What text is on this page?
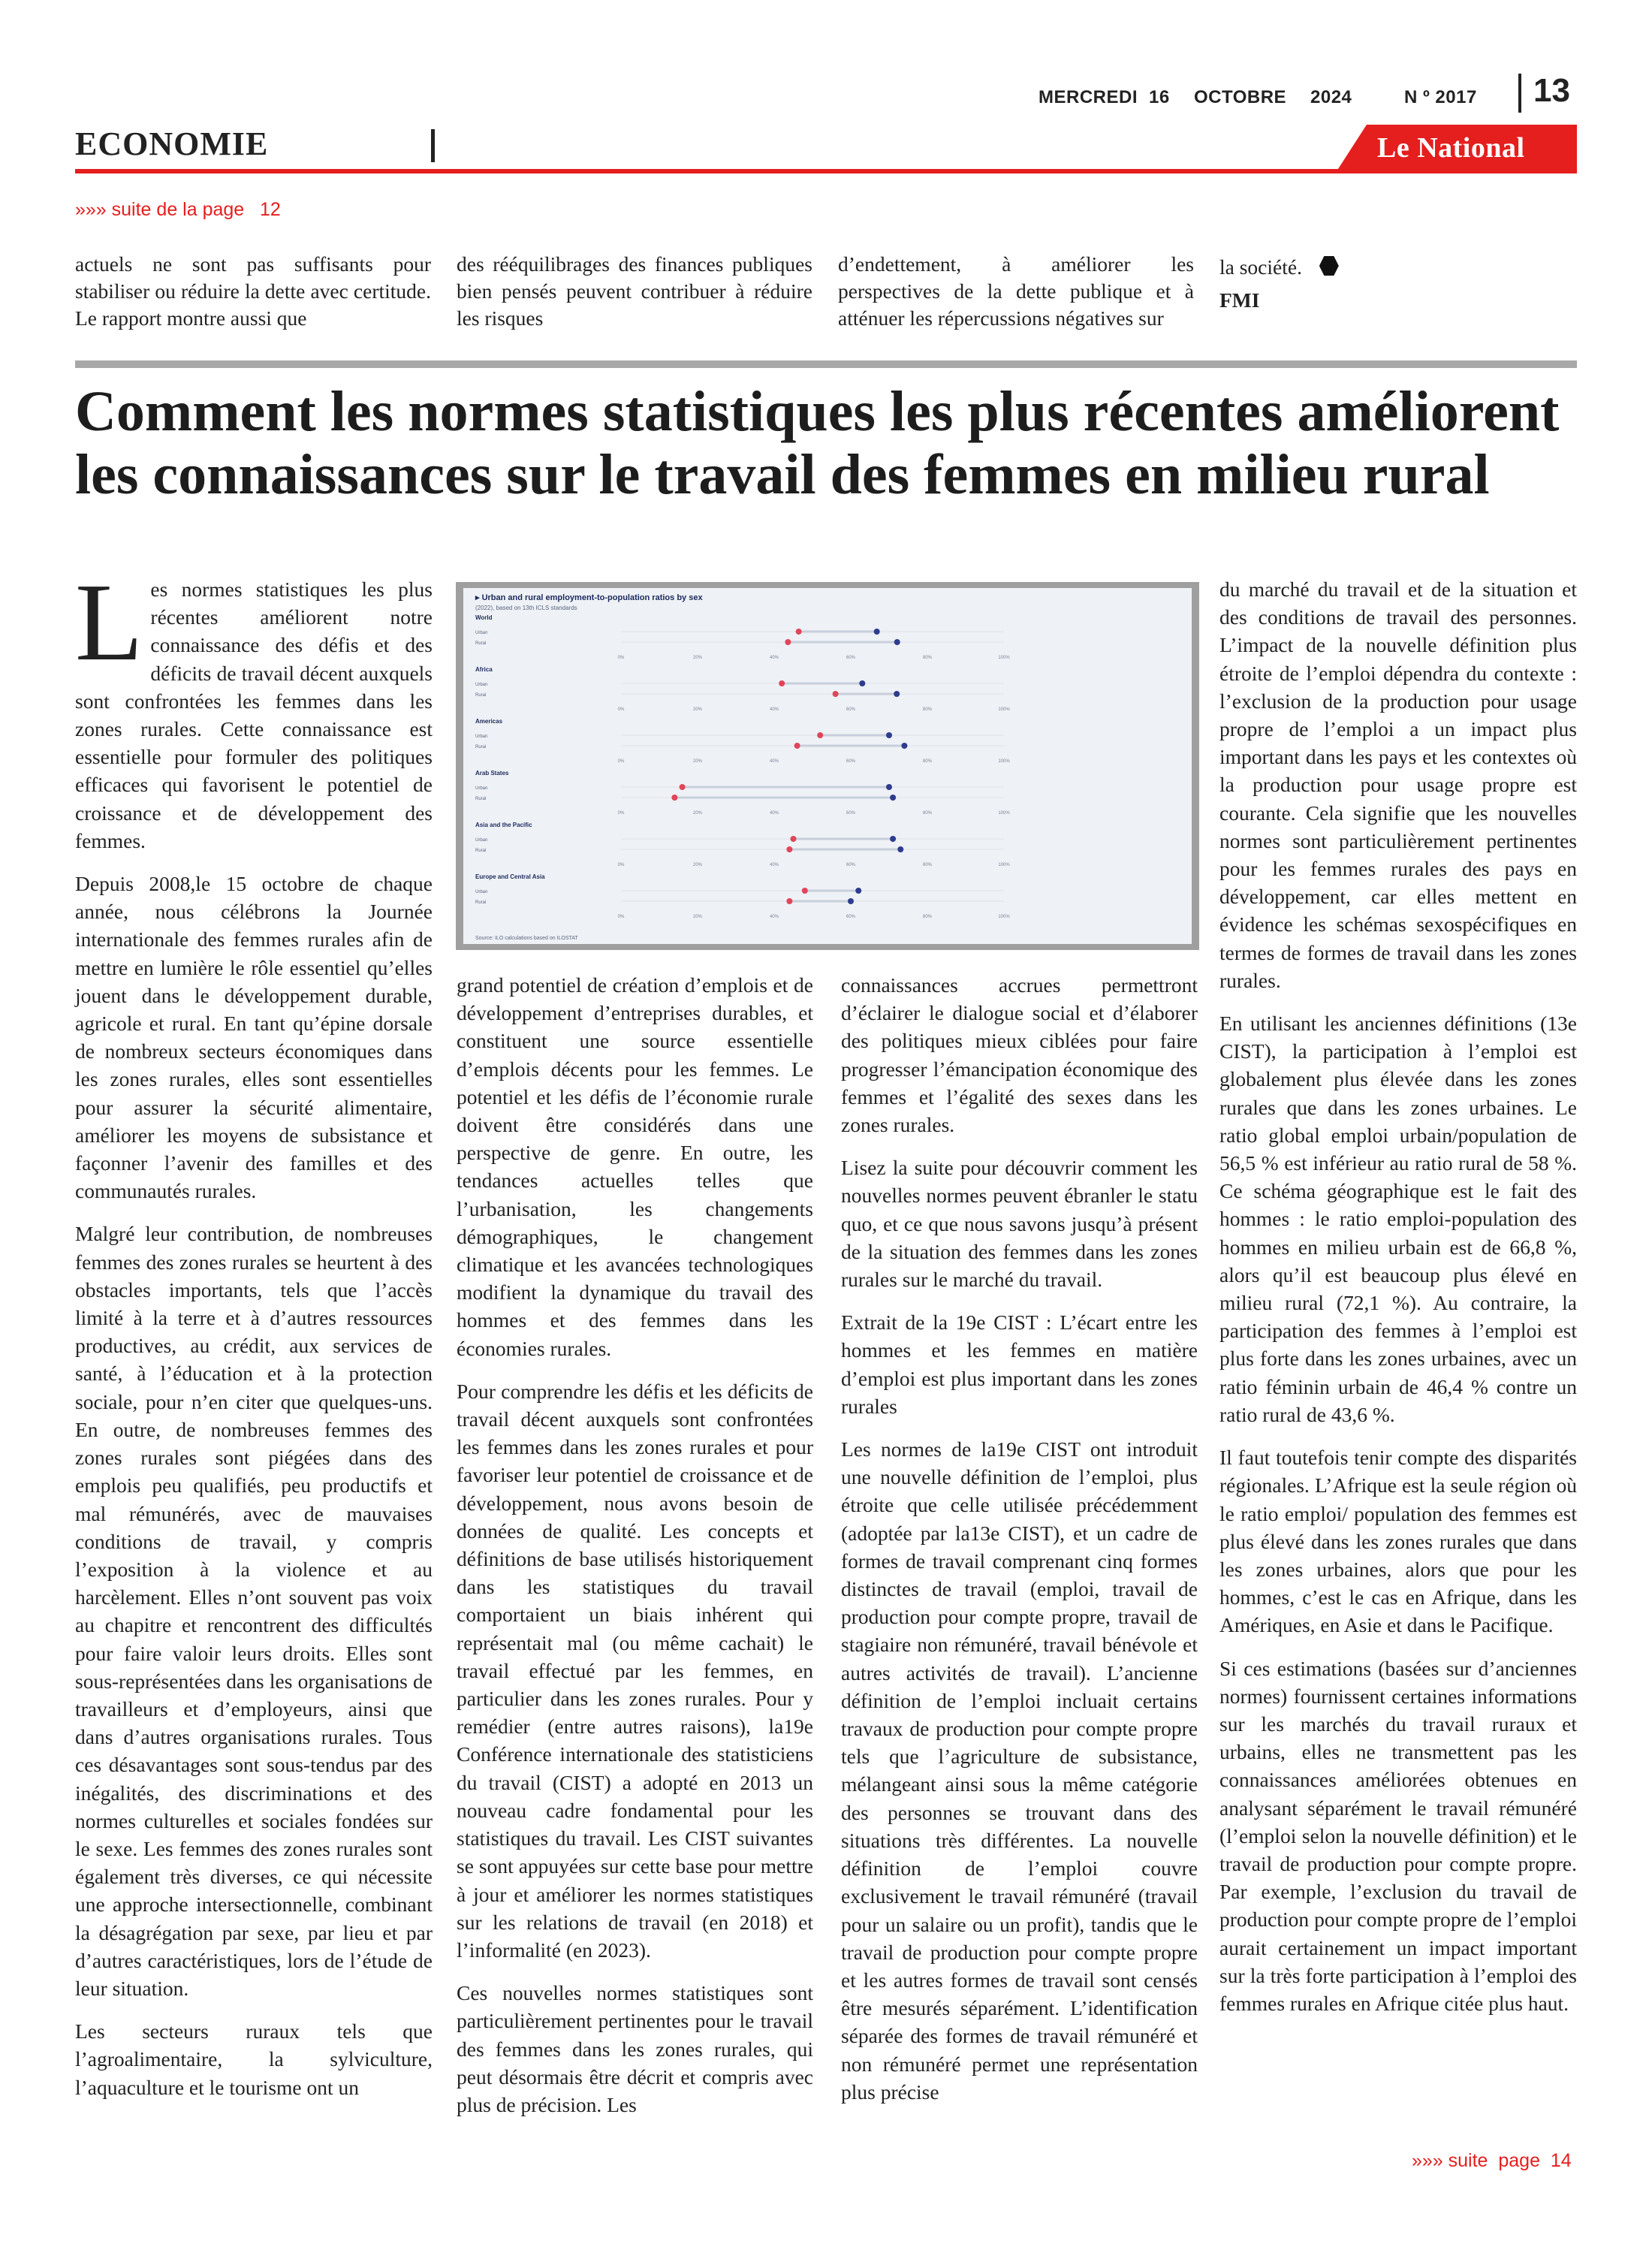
MERCREDI 16 OCTOBRE 2024	N º 2017 13
ECONOMIE	Le National
»»» suite de la page   12
actuels ne sont pas suffisants pour stabiliser ou réduire la dette avec certitude. Le rapport montre aussi que
des rééquilibrages des finances publiques bien pensés peuvent contribuer à réduire les risques
d’endettement, à améliorer les perspectives de la dette publique et à atténuer les répercussions négatives sur
la société.
FMI
Comment les normes statistiques les plus récentes améliorent les connaissances sur le travail des femmes en milieu rural

Les normes statistiques les plus récentes améliorent notre connaissance des défis et des déficits de travail décent auxquels sont confrontées les femmes dans les zones rurales. Cette connaissance est essentielle pour formuler des politiques efficaces qui favorisent le potentiel de croissance et de développement des femmes.

Depuis 2008,le 15 octobre de chaque année, nous célébrons la Journée internationale des femmes rurales afin de mettre en lumière le rôle essentiel qu’elles jouent dans le développement durable, agricole et rural. En tant qu’épine dorsale de nombreux secteurs économiques dans les zones rurales, elles sont essentielles pour assurer la sécurité alimentaire, améliorer les moyens de subsistance et façonner l’avenir des familles et des communautés rurales.

Malgré leur contribution, de nombreuses femmes des zones rurales se heurtent à des obstacles importants, tels que l’accès limité à la terre et à d’autres ressources productives, au crédit, aux services de santé, à l’éducation et à la protection sociale, pour n’en citer que quelques-uns. En outre, de nombreuses femmes des zones rurales sont piégées dans des emplois peu qualifiés, peu productifs et mal rémunérés, avec de mauvaises conditions de travail, y compris l’exposition à la violence et au harcèlement. Elles n’ont souvent pas voix au chapitre et rencontrent des difficultés pour faire valoir leurs droits. Elles sont sous-représentées dans les organisations de travailleurs et d’employeurs, ainsi que dans d’autres organisations rurales. Tous ces désavantages sont sous-tendus par des inégalités, des discriminations et des normes culturelles et sociales fondées sur le sexe. Les femmes des zones rurales sont également très diverses, ce qui nécessite une approche intersectionnelle, combinant la désagrégation par sexe, par lieu et par d’autres caractéristiques, lors de l’étude de leur situation.

Les secteurs ruraux tels que l’agroalimentaire, la sylviculture, l’aquaculture et le tourisme ont un

▸ Urban and rural employment-to-population ratios by sex
(2022), based on 13th ICLS standards
World
Urban
Rural
0%	20%	40%	60%	80%	100%
Africa
Urban
Rural
0%	20%	40%	60%	80%	100%
Americas
Urban
Rural
0%	20%	40%	60%	80%	100%
Arab States
Urban
Rural
0%	20%	40%	60%	80%	100%
Asia and the Pacific
Urban
Rural
0%	20%	40%	60%	80%	100%
Europe and Central Asia
Urban
Rural
0%	20%	40%	60%	80%	100%
Source: ILO calculations based on ILOSTAT

grand potentiel de création d’emplois et de développement d’entreprises durables, et constituent une source essentielle d’emplois décents pour les femmes. Le potentiel et les défis de l’économie rurale doivent être considérés dans une perspective de genre. En outre, les tendances actuelles telles que l’urbanisation, les changements démographiques, le changement climatique et les avancées technologiques modifient la dynamique du travail des hommes et des femmes dans les économies rurales.

Pour comprendre les défis et les déficits de travail décent auxquels sont confrontées les femmes dans les zones rurales et pour favoriser leur potentiel de croissance et de développement, nous avons besoin de données de qualité. Les concepts et définitions de base utilisés historiquement dans les statistiques du travail comportaient un biais inhérent qui représentait mal (ou même cachait) le travail effectué par les femmes, en particulier dans les zones rurales. Pour y remédier (entre autres raisons), la19e Conférence internationale des statisticiens du travail (CIST) a adopté en 2013 un nouveau cadre fondamental pour les statistiques du travail. Les CIST suivantes se sont appuyées sur cette base pour mettre à jour et améliorer les normes statistiques sur les relations de travail (en 2018) et l’informalité (en 2023).

Ces nouvelles normes statistiques sont particulièrement pertinentes pour le travail des femmes dans les zones rurales, qui peut désormais être décrit et compris avec plus de précision. Les

connaissances accrues permettront d’éclairer le dialogue social et d’élaborer des politiques mieux ciblées pour faire progresser l’émancipation économique des femmes et l’égalité des sexes dans les zones rurales.

Lisez la suite pour découvrir comment les nouvelles normes peuvent ébranler le statu quo, et ce que nous savons jusqu’à présent de la situation des femmes dans les zones rurales sur le marché du travail.

Extrait de la 19e CIST : L’écart entre les hommes et les femmes en matière d’emploi est plus important dans les zones rurales

Les normes de la19e CIST ont introduit une nouvelle définition de l’emploi, plus étroite que celle utilisée précédemment (adoptée par la13e CIST), et un cadre de formes de travail comprenant cinq formes distinctes de travail (emploi, travail de production pour compte propre, travail de stagiaire non rémunéré, travail bénévole et autres activités de travail). L’ancienne définition de l’emploi incluait certains travaux de production pour compte propre tels que l’agriculture de subsistance, mélangeant ainsi sous la même catégorie des personnes se trouvant dans des situations très différentes. La nouvelle définition de l’emploi couvre exclusivement le travail rémunéré (travail pour un salaire ou un profit), tandis que le travail de production pour compte propre et les autres formes de travail sont censés être mesurés séparément. L’identification séparée des formes de travail rémunéré et non rémunéré permet une représentation plus précise

du marché du travail et de la situation et des conditions de travail des personnes. L’impact de la nouvelle définition plus étroite de l’emploi dépendra du contexte : l’exclusion de la production pour usage propre de l’emploi a un impact plus important dans les pays et les contextes où la production pour usage propre est courante. Cela signifie que les nouvelles normes sont particulièrement pertinentes pour les femmes rurales des pays en développement, car elles mettent en évidence les schémas sexospécifiques en termes de formes de travail dans les zones rurales.

En utilisant les anciennes définitions (13e CIST), la participation à l’emploi est globalement plus élevée dans les zones rurales que dans les zones urbaines. Le ratio global emploi urbain/population de 56,5 % est inférieur au ratio rural de 58 %. Ce schéma géographique est le fait des hommes : le ratio emploi-population des hommes en milieu urbain est de 66,8 %, alors qu’il est beaucoup plus élevé en milieu rural (72,1 %). Au contraire, la participation des femmes à l’emploi est plus forte dans les zones urbaines, avec un ratio féminin urbain de 46,4 % contre un ratio rural de 43,6 %.

Il faut toutefois tenir compte des disparités régionales. L’Afrique est la seule région où le ratio emploi/ population des femmes est plus élevé dans les zones rurales que dans les zones urbaines, alors que pour les hommes, c’est le cas en Afrique, dans les Amériques, en Asie et dans le Pacifique.

Si ces estimations (basées sur d’anciennes normes) fournissent certaines informations sur les marchés du travail ruraux et urbains, elles ne transmettent pas les connaissances améliorées obtenues en analysant séparément le travail rémunéré (l’emploi selon la nouvelle définition) et le travail de production pour compte propre. Par exemple, l’exclusion du travail de production pour compte propre de l’emploi aurait certainement un impact important sur la très forte participation à l’emploi des femmes rurales en Afrique citée plus haut.

»»» suite  page  14
